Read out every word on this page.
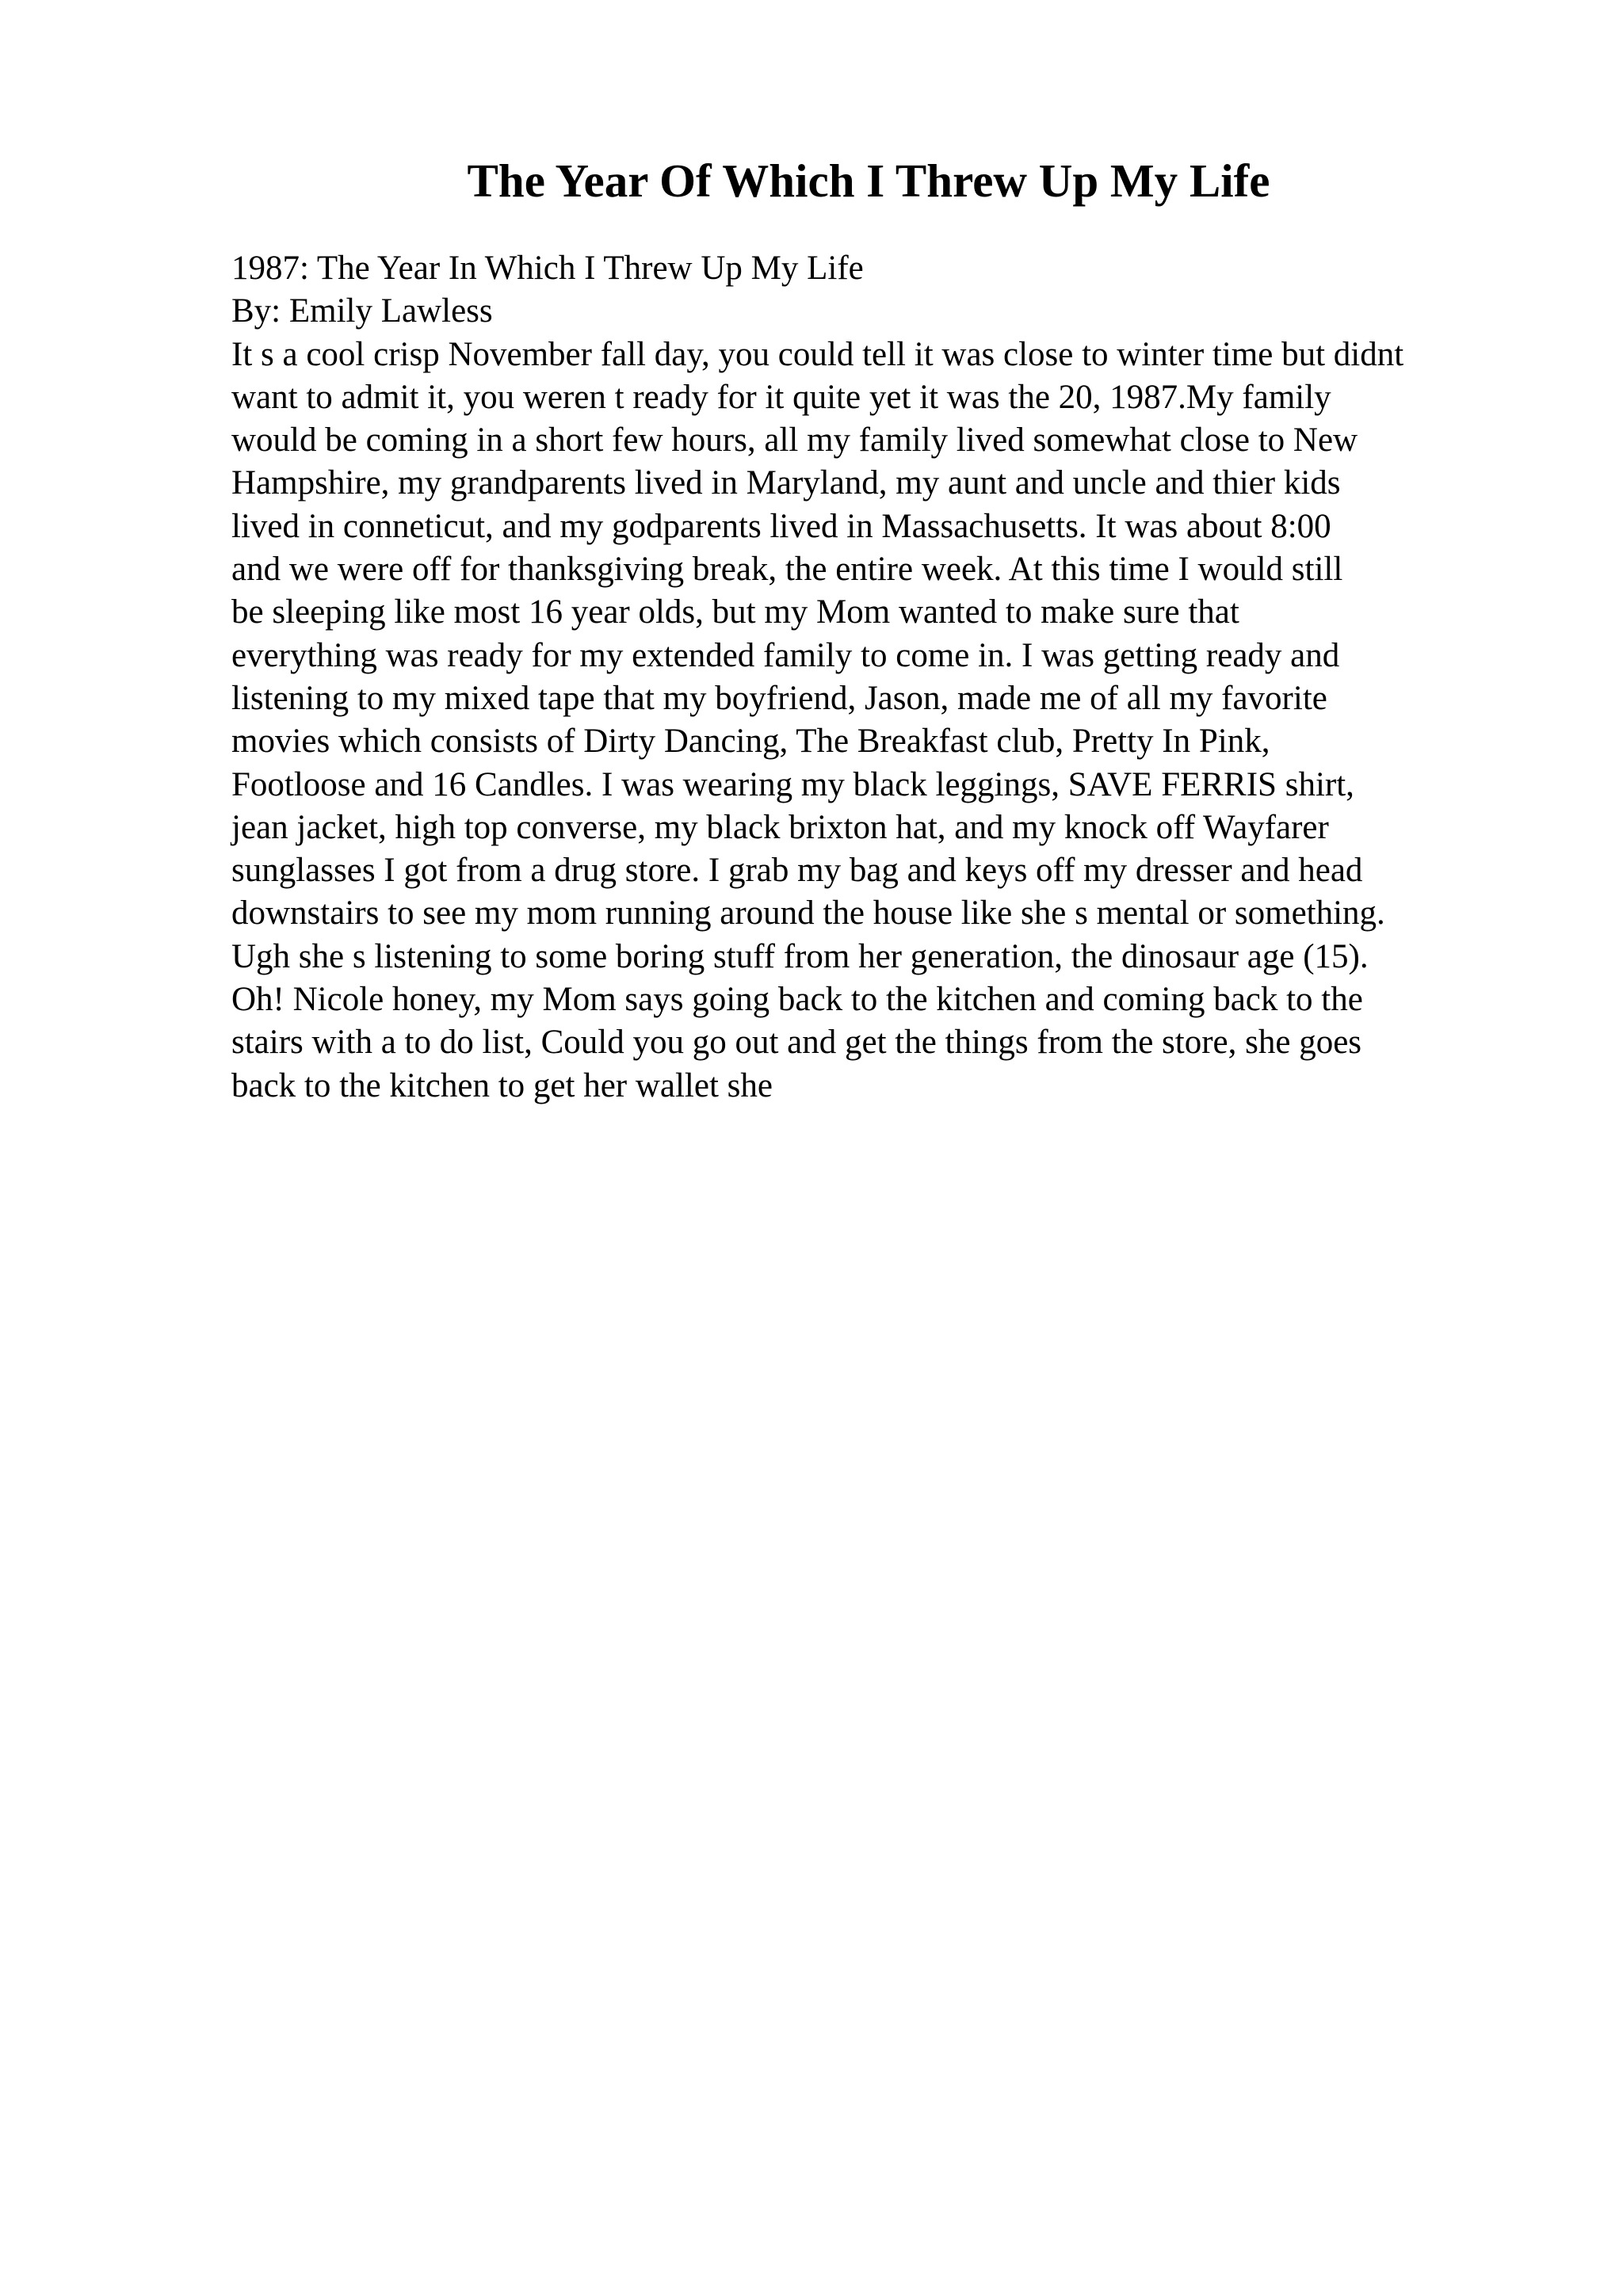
The Year Of Which I Threw Up My Life
1987: The Year In Which I Threw Up My Life
By: Emily Lawless
It s a cool crisp November fall day, you could tell it was close to winter time but didnt
want to admit it, you weren t ready for it quite yet it was the 20, 1987.My family
would be coming in a short few hours, all my family lived somewhat close to New
Hampshire, my grandparents lived in Maryland, my aunt and uncle and thier kids
lived in conneticut, and my godparents lived in Massachusetts. It was about 8:00
and we were off for thanksgiving break, the entire week. At this time I would still
be sleeping like most 16 year olds, but my Mom wanted to make sure that
everything was ready for my extended family to come in. I was getting ready and
listening to my mixed tape that my boyfriend, Jason, made me of all my favorite
movies which consists of Dirty Dancing, The Breakfast club, Pretty In Pink,
Footloose and 16 Candles. I was wearing my black leggings, SAVE FERRIS shirt,
jean jacket, high top converse, my black brixton hat, and my knock off Wayfarer
sunglasses I got from a drug store. I grab my bag and keys off my dresser and head
downstairs to see my mom running around the house like she s mental or something.
Ugh she s listening to some boring stuff from her generation, the dinosaur age (15).
Oh! Nicole honey, my Mom says going back to the kitchen and coming back to the
stairs with a to do list, Could you go out and get the things from the store, she goes
back to the kitchen to get her wallet she
